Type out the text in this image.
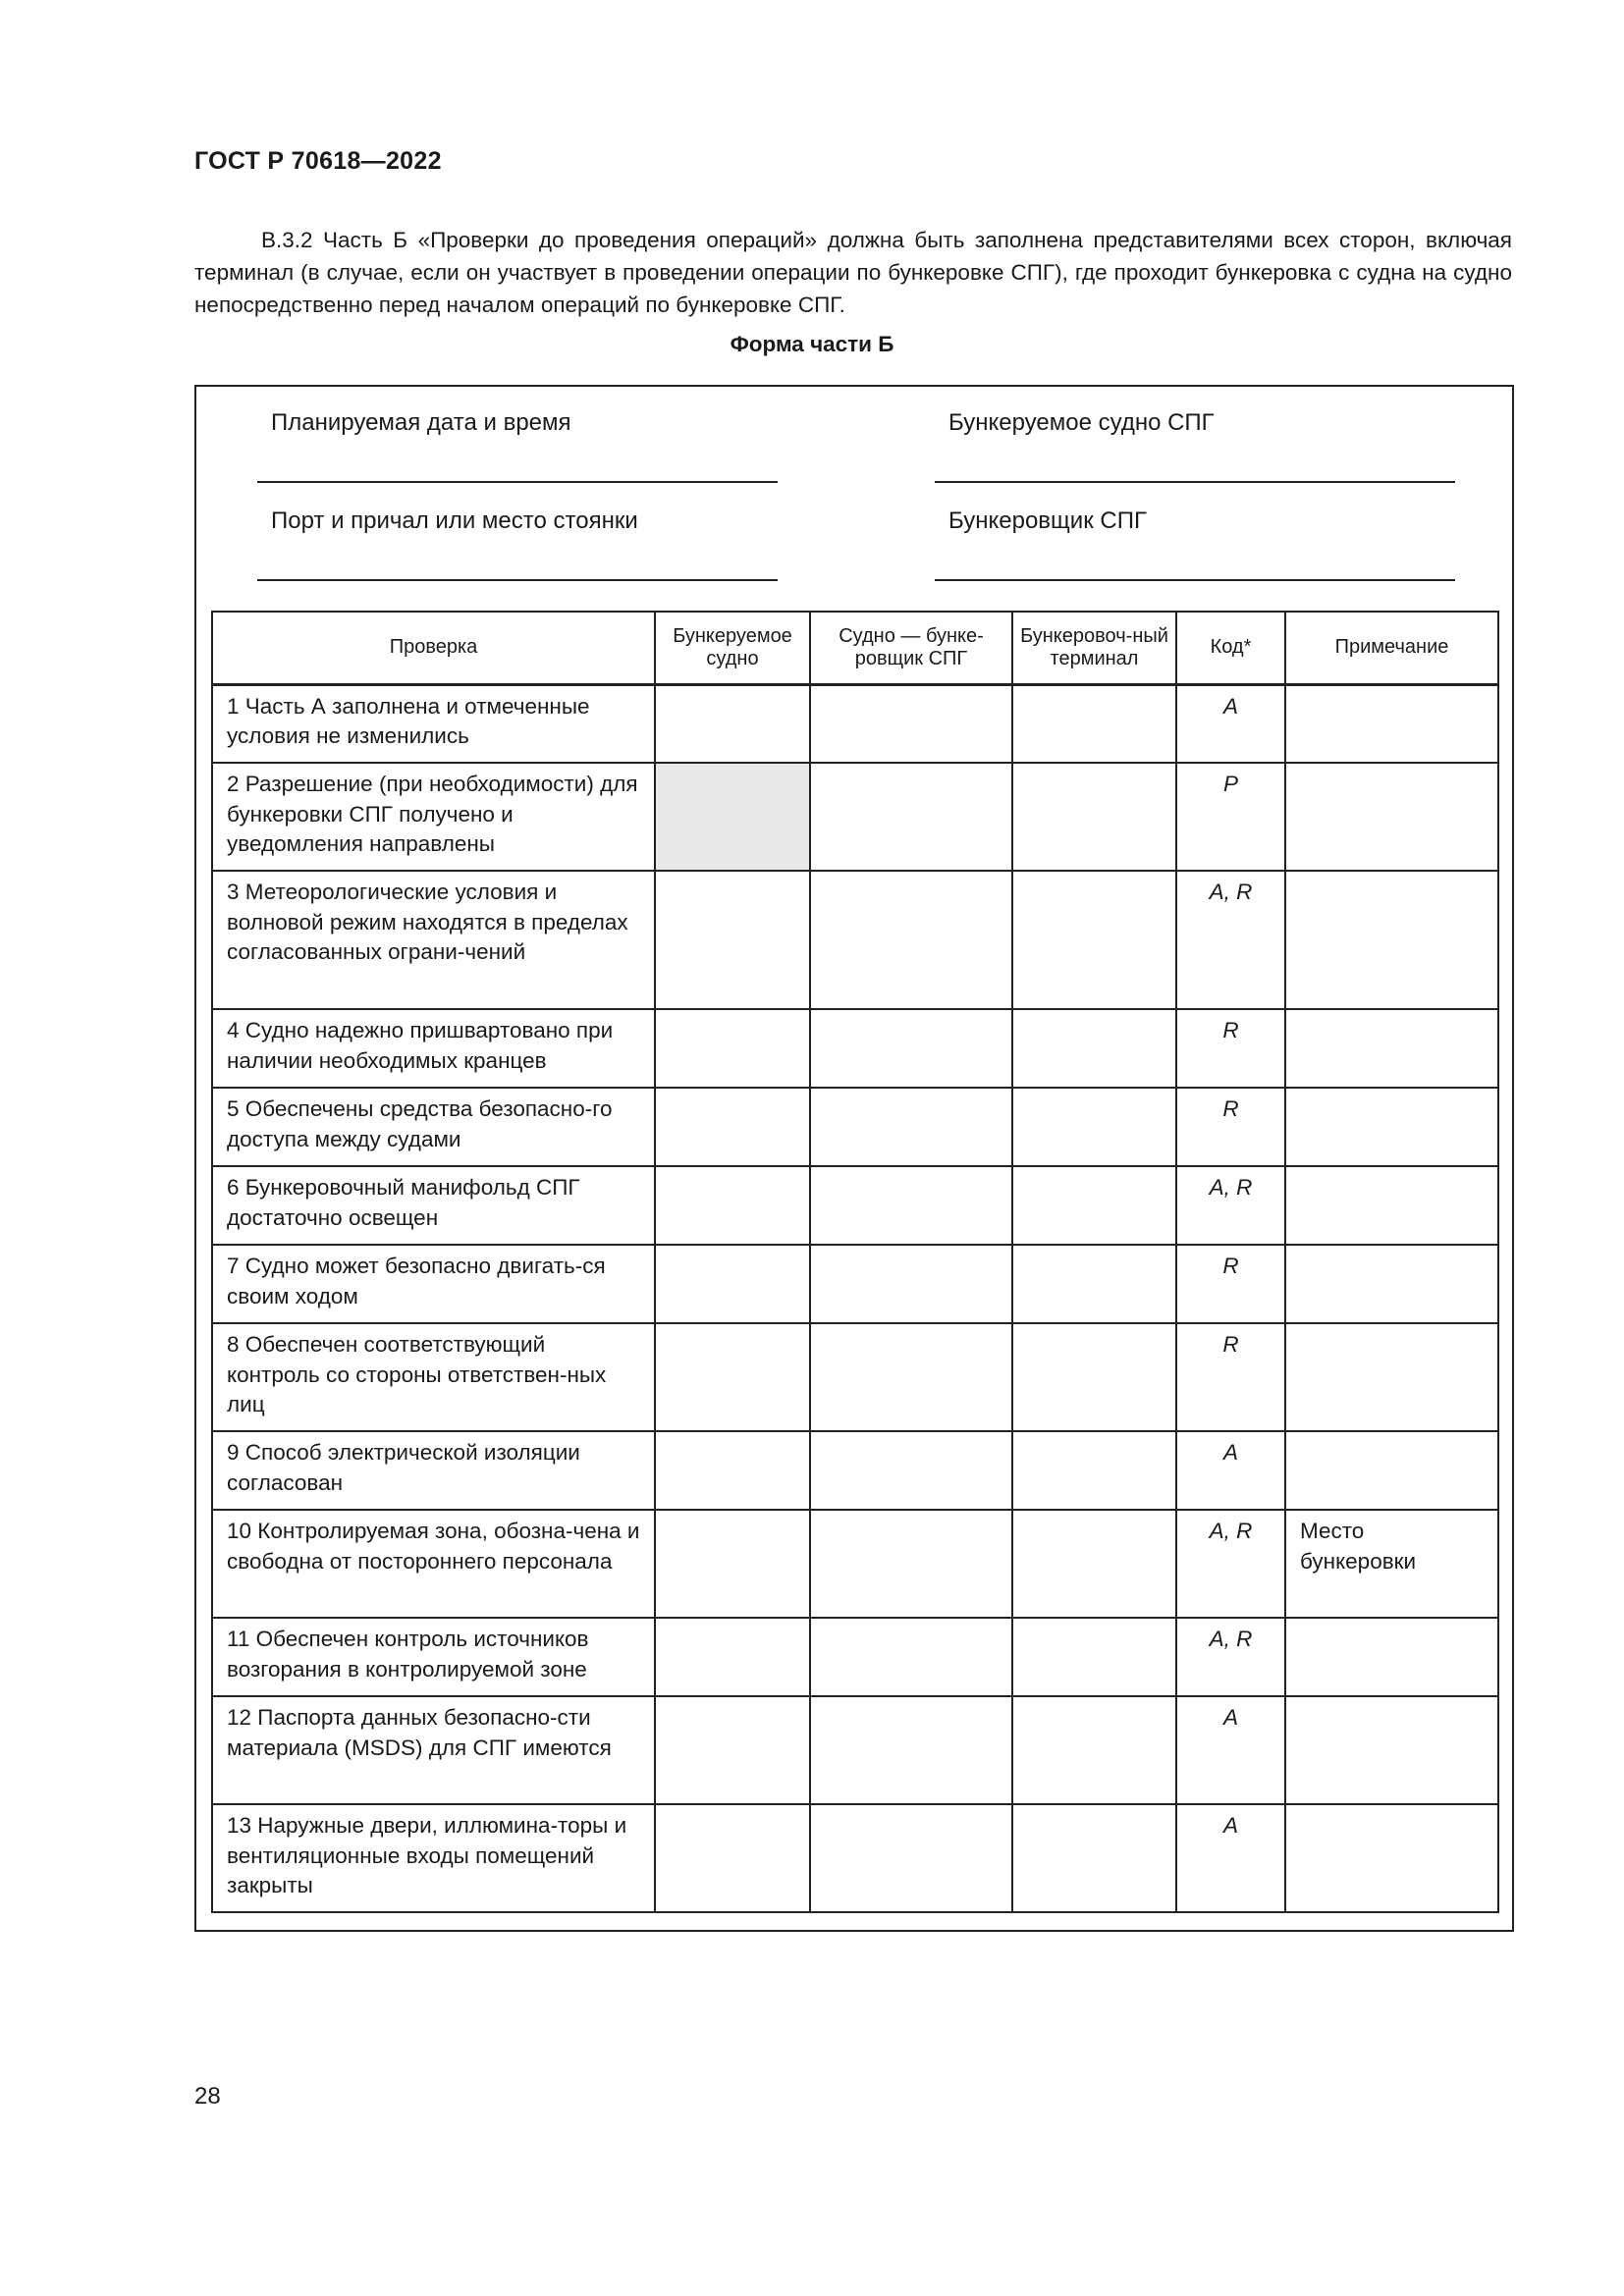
ГОСТ Р 70618—2022

В.3.2 Часть Б «Проверки до проведения операций» должна быть заполнена представителями всех сторон, включая терминал (в случае, если он участвует в проведении операции по бункеровке СПГ), где проходит бункеровка с судна на судно непосредственно перед началом операций по бункеровке СПГ.

Форма части Б
Планируемая дата и время	Бункеруемое судно СПГ
Порт и причал или место стоянки	Бункеровщик СПГ
Проверка	Бункеруемое судно	Судно — бунке-ровщик СПГ	Бункеровоч-ный терминал	Код*	Примечание
1 Часть А заполнена и отмеченные условия не изменились				A	
2 Разрешение (при необходимости) для бункеровки СПГ получено и уведомления направлены				P	
3 Метеорологические условия и волновой режим находятся в пределах согласованных ограни-чений				A, R	
4 Судно надежно пришвартовано при наличии необходимых кранцев				R	
5 Обеспечены средства безопасно-го доступа между судами				R	
6 Бункеровочный манифольд СПГ достаточно освещен				A, R	
7 Судно может безопасно двигать-ся своим ходом				R	
8 Обеспечен соответствующий контроль со стороны ответствен-ных лиц				R	
9 Способ электрической изоляции согласован				A	
10 Контролируемая зона, обозна-чена и свободна от постороннего персонала				A, R	Место бункеровки
11 Обеспечен контроль источников возгорания в контролируемой зоне				A, R	
12 Паспорта данных безопасно-сти материала (MSDS) для СПГ имеются				A	
13 Наружные двери, иллюмина-торы и вентиляционные входы помещений закрыты				A	
28
